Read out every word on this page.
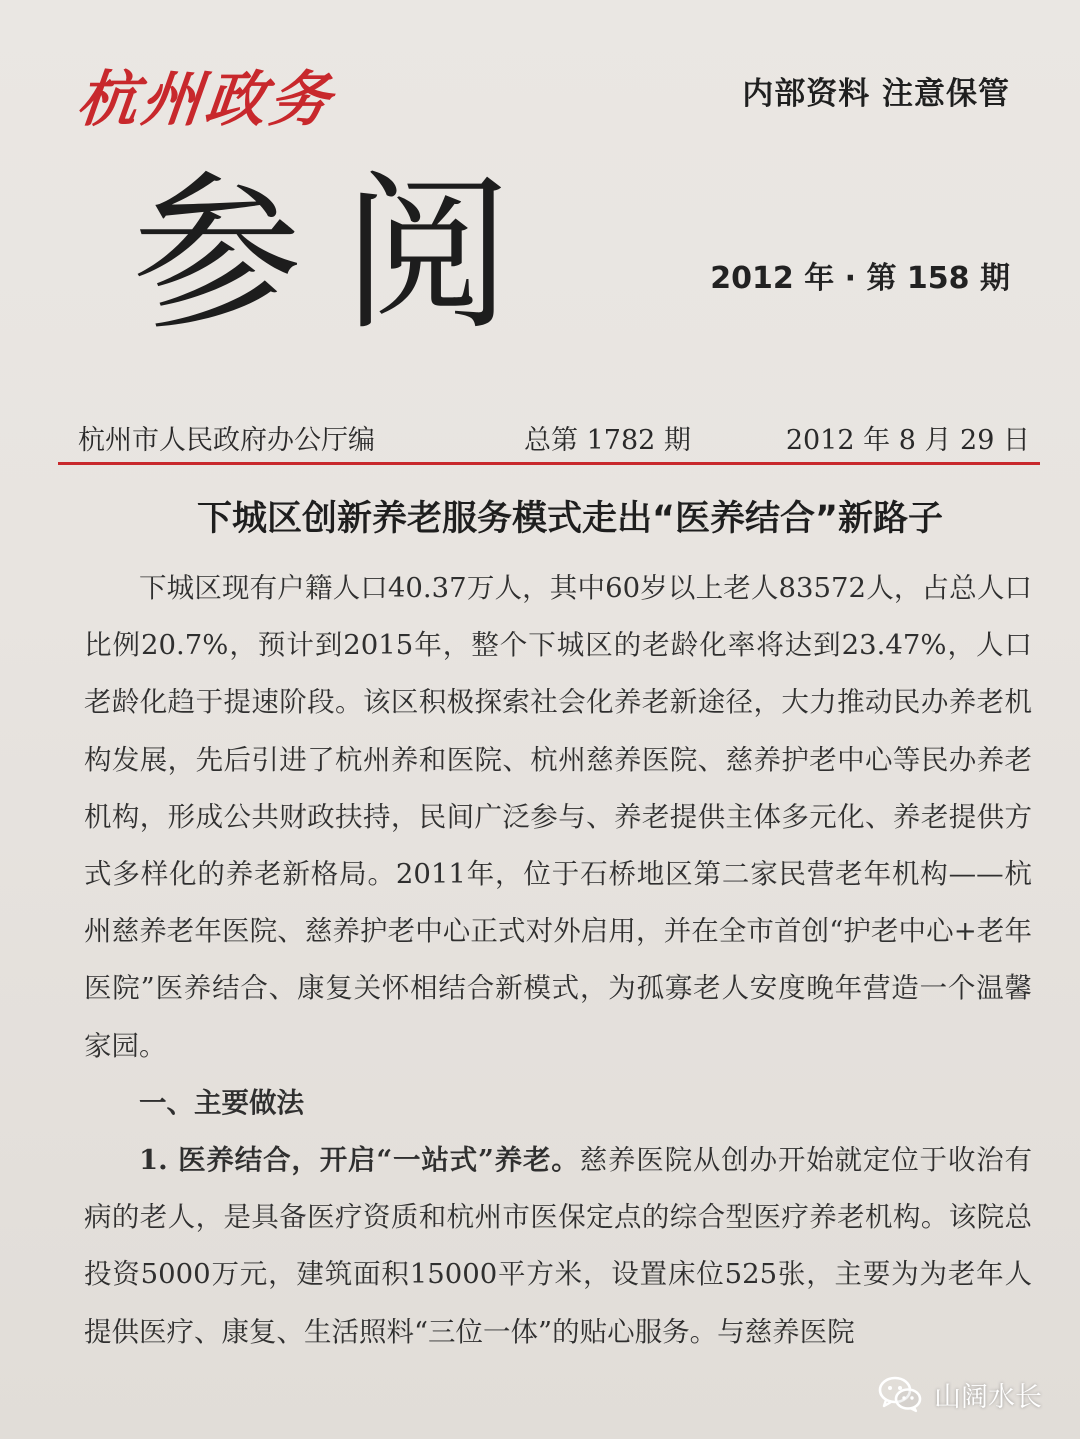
杭州政务	内部资料 注意保管
参阅	2012 年 · 第 158 期
杭州市人民政府办公厅编	总第 1782 期	2012 年 8 月 29 日
下城区创新养老服务模式走出“医养结合”新路子

下城区现有户籍人口40.37万人，其中60岁以上老人83572人，占总人口比例20.7%，预计到2015年，整个下城区的老龄化率将达到23.47%，人口老龄化趋于提速阶段。该区积极探索社会化养老新途径，大力推动民办养老机构发展，先后引进了杭州养和医院、杭州慈养医院、慈养护老中心等民办养老机构，形成公共财政扶持，民间广泛参与、养老提供主体多元化、养老提供方式多样化的养老新格局。2011年，位于石桥地区第二家民营老年机构——杭州慈养老年医院、慈养护老中心正式对外启用，并在全市首创“护老中心+老年医院”医养结合、康复关怀相结合新模式，为孤寡老人安度晚年营造一个温馨家园。

一、主要做法

1. 医养结合，开启“一站式”养老。慈养医院从创办开始就定位于收治有病的老人，是具备医疗资质和杭州市医保定点的综合型医疗养老机构。该院总投资5000万元，建筑面积15000平方米，设置床位525张，主要为为老年人提供医疗、康复、生活照料“三位一体”的贴心服务。与慈养医院

山阔水长
